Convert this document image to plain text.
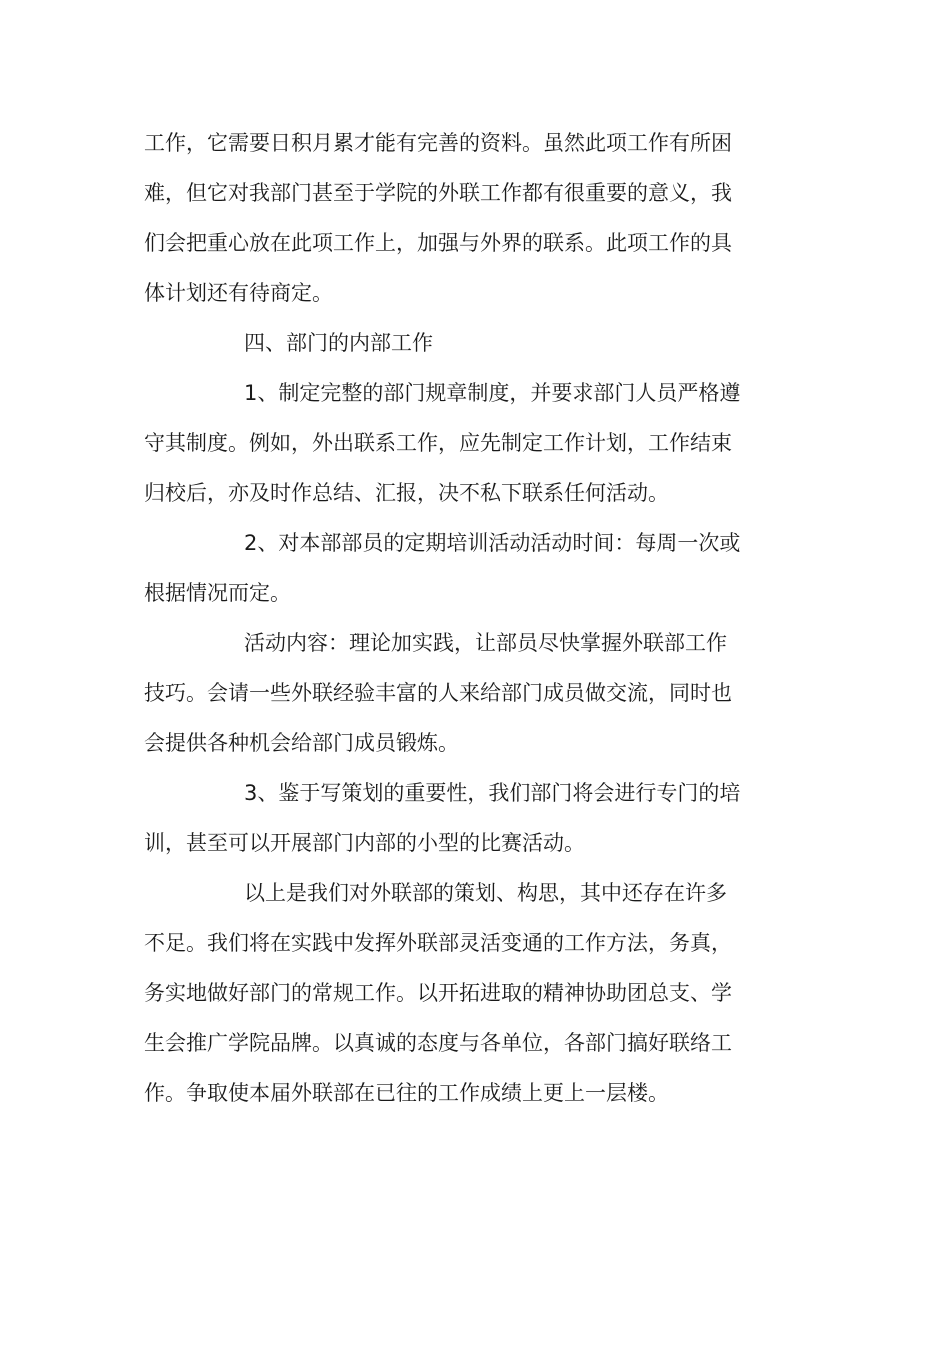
工作，它需要日积月累才能有完善的资料。虽然此项工作有所困难，但它对我部门甚至于学院的外联工作都有很重要的意义，我们会把重心放在此项工作上，加强与外界的联系。此项工作的具体计划还有待商定。

四、部门的内部工作

1、制定完整的部门规章制度，并要求部门人员严格遵守其制度。例如，外出联系工作，应先制定工作计划，工作结束归校后，亦及时作总结、汇报，决不私下联系任何活动。

2、对本部部员的定期培训活动活动时间：每周一次或根据情况而定。

活动内容：理论加实践，让部员尽快掌握外联部工作技巧。会请一些外联经验丰富的人来给部门成员做交流，同时也会提供各种机会给部门成员锻炼。

3、鉴于写策划的重要性，我们部门将会进行专门的培训，甚至可以开展部门内部的小型的比赛活动。

以上是我们对外联部的策划、构思，其中还存在许多不足。我们将在实践中发挥外联部灵活变通的工作方法，务真，务实地做好部门的常规工作。以开拓进取的精神协助团总支、学生会推广学院品牌。以真诚的态度与各单位，各部门搞好联络工作。争取使本届外联部在已往的工作成绩上更上一层楼。
